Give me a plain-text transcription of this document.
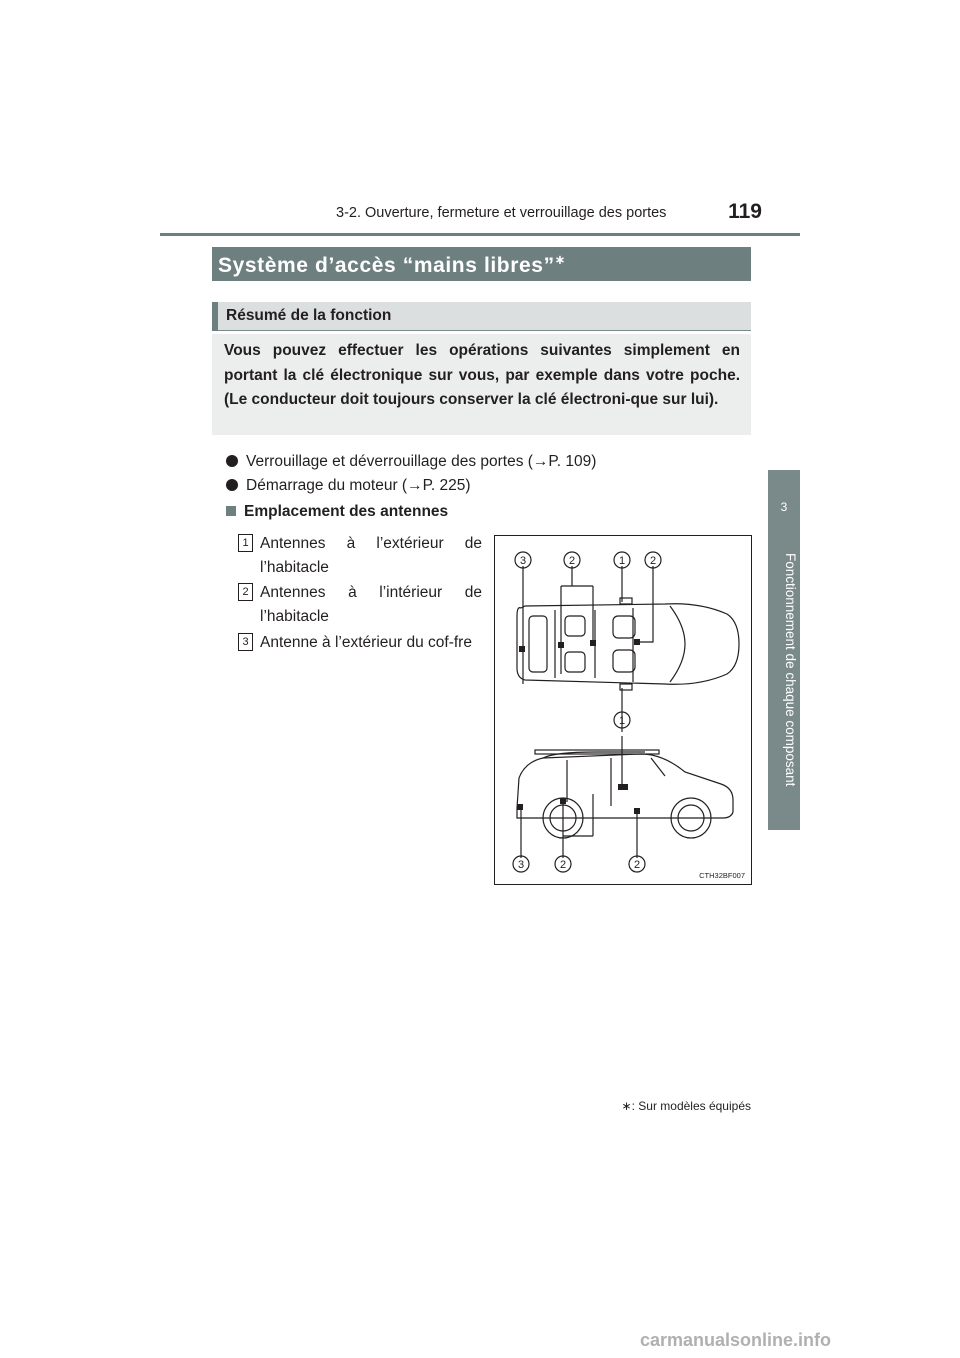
3-2. Ouverture, fermeture et verrouillage des portes	119
3
Fonctionnement de chaque composant
Système d’accès “mains libres”∗
Résumé de la fonction
Vous pouvez effectuer les opérations suivantes simplement en portant la clé électronique sur vous, par exemple dans votre poche. (Le conducteur doit toujours conserver la clé électroni-que sur lui).
Verrouillage et déverrouillage des portes (→P. 109)
Démarrage du moteur (→P. 225)
Emplacement des antennes
1 Antennes à l’extérieur de l’habitacle
2 Antennes à l’intérieur de l’habitacle
3 Antenne à l’extérieur du cof-fre
3	2	1 2
1
3	2	2
CTH32BF007
∗: Sur modèles équipés
carmanualsonline.info
